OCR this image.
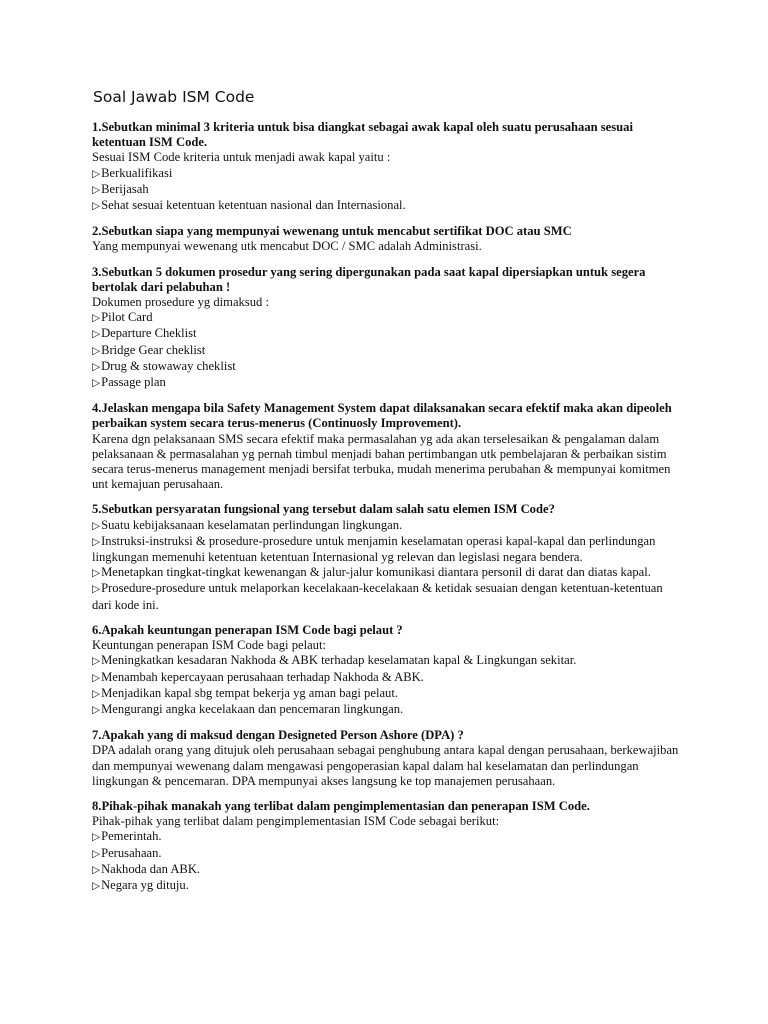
Soal Jawab ISM Code

1.Sebutkan minimal 3 kriteria untuk bisa diangkat sebagai awak kapal oleh suatu perusahaan sesuai ketentuan ISM Code.

Sesuai ISM Code kriteria untuk menjadi awak kapal yaitu :

▷Berkualifikasi

▷Berijasah

▷Sehat sesuai ketentuan ketentuan nasional dan Internasional.

2.Sebutkan siapa yang mempunyai wewenang untuk mencabut sertifikat DOC atau SMC

Yang mempunyai wewenang utk mencabut DOC / SMC adalah Administrasi.

3.Sebutkan 5 dokumen prosedur yang sering dipergunakan pada saat kapal dipersiapkan untuk segera bertolak dari pelabuhan !

Dokumen prosedure yg dimaksud :

▷Pilot Card

▷Departure Cheklist

▷Bridge Gear cheklist

▷Drug & stowaway cheklist

▷Passage plan

4.Jelaskan mengapa bila Safety Management System dapat dilaksanakan secara efektif maka akan dipeoleh perbaikan system secara terus-menerus (Continuosly Improvement).

Karena dgn pelaksanaan SMS secara efektif maka permasalahan yg ada akan terselesaikan & pengalaman dalam pelaksanaan & permasalahan yg pernah timbul menjadi bahan pertimbangan utk pembelajaran & perbaikan sistim secara terus-menerus management menjadi bersifat terbuka, mudah menerima perubahan & mempunyai komitmen unt kemajuan perusahaan.

5.Sebutkan persyaratan fungsional yang tersebut dalam salah satu elemen ISM Code?

▷Suatu kebijaksanaan keselamatan perlindungan lingkungan.

▷Instruksi-instruksi & prosedure-prosedure untuk menjamin keselamatan operasi kapal-kapal dan perlindungan lingkungan memenuhi ketentuan ketentuan Internasional yg relevan dan legislasi negara bendera.

▷Menetapkan tingkat-tingkat kewenangan & jalur-jalur komunikasi diantara personil di darat dan diatas kapal.

▷Prosedure-prosedure untuk melaporkan kecelakaan-kecelakaan & ketidak sesuaian dengan ketentuan-ketentuan dari kode ini.

6.Apakah keuntungan penerapan ISM Code bagi pelaut ?

Keuntungan penerapan ISM Code bagi pelaut:

▷Meningkatkan kesadaran Nakhoda & ABK terhadap keselamatan kapal & Lingkungan sekitar.

▷Menambah kepercayaan perusahaan terhadap Nakhoda & ABK.

▷Menjadikan kapal sbg tempat bekerja yg aman bagi pelaut.

▷Mengurangi angka kecelakaan dan pencemaran lingkungan.

7.Apakah yang di maksud dengan Designeted Person Ashore (DPA) ?

DPA adalah orang yang ditujuk oleh perusahaan sebagai penghubung antara kapal dengan perusahaan, berkewajiban dan mempunyai wewenang dalam mengawasi pengoperasian kapal dalam hal keselamatan dan perlindungan lingkungan & pencemaran. DPA mempunyai akses langsung ke top manajemen perusahaan.

8.Pihak-pihak manakah yang terlibat dalam pengimplementasian dan penerapan ISM Code.

Pihak-pihak yang terlibat dalam pengimplementasian ISM Code sebagai berikut:

▷Pemerintah.

▷Perusahaan.

▷Nakhoda dan ABK.

▷Negara yg dituju.
